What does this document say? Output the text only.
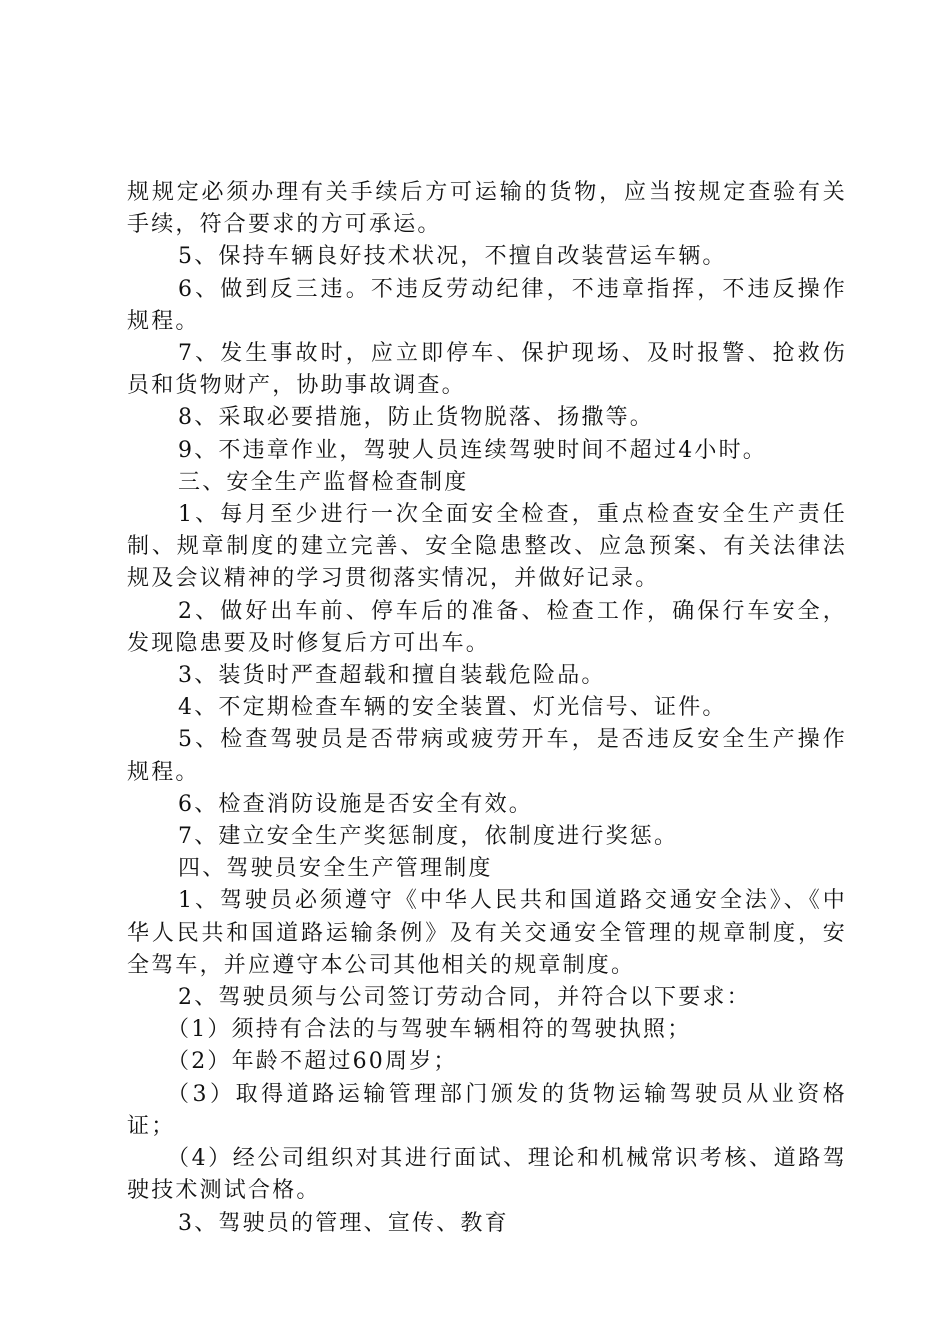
规规定必须办理有关手续后方可运输的货物，应当按规定查验有关手续，符合要求的方可承运。

5、保持车辆良好技术状况，不擅自改装营运车辆。

6、做到反三违。不违反劳动纪律，不违章指挥，不违反操作规程。

7、发生事故时，应立即停车、保护现场、及时报警、抢救伤员和货物财产，协助事故调查。

8、采取必要措施，防止货物脱落、扬撒等。

9、不违章作业，驾驶人员连续驾驶时间不超过4小时。

三、安全生产监督检查制度

1、每月至少进行一次全面安全检查，重点检查安全生产责任制、规章制度的建立完善、安全隐患整改、应急预案、有关法律法规及会议精神的学习贯彻落实情况，并做好记录。

2、做好出车前、停车后的准备、检查工作，确保行车安全，发现隐患要及时修复后方可出车。

3、装货时严查超载和擅自装载危险品。

4、不定期检查车辆的安全装置、灯光信号、证件。

5、检查驾驶员是否带病或疲劳开车，是否违反安全生产操作规程。

6、检查消防设施是否安全有效。

7、建立安全生产奖惩制度，依制度进行奖惩。

四、驾驶员安全生产管理制度

1、驾驶员必须遵守《中华人民共和国道路交通安全法》、《中华人民共和国道路运输条例》及有关交通安全管理的规章制度，安全驾车，并应遵守本公司其他相关的规章制度。

2、驾驶员须与公司签订劳动合同，并符合以下要求：

（1）须持有合法的与驾驶车辆相符的驾驶执照；

（2）年龄不超过60周岁；

（3）取得道路运输管理部门颁发的货物运输驾驶员从业资格证；

（4）经公司组织对其进行面试、理论和机械常识考核、道路驾驶技术测试合格。

3、驾驶员的管理、宣传、教育
